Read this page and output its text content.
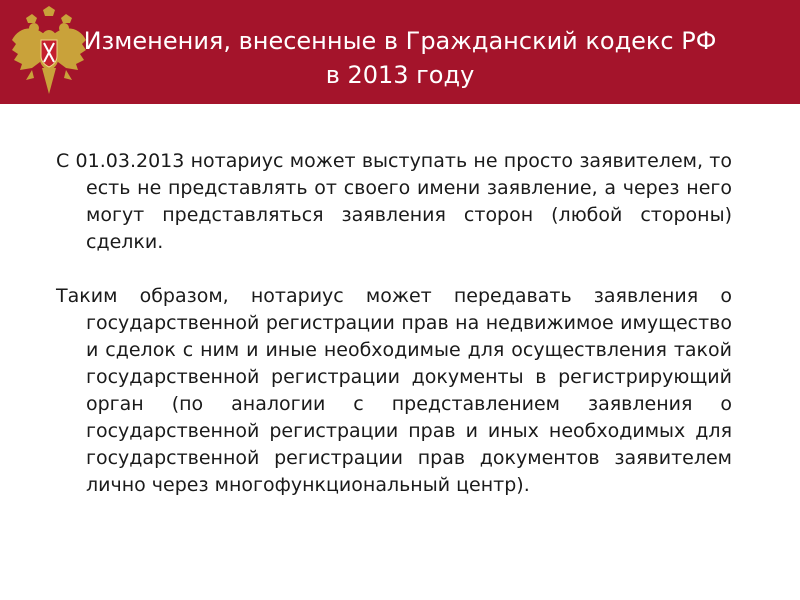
Изменения, внесенные в Гражданский кодекс РФ
в 2013 году

С 01.03.2013 нотариус может выступать не просто заявителем, то есть не представлять от своего имени заявление, а через него могут представляться заявления сторон (любой стороны) сделки.

Таким образом, нотариус может передавать заявления о государственной регистрации прав на недвижимое имущество и сделок с ним и иные необходимые для осуществления такой государственной регистрации документы в регистрирующий орган (по аналогии с представлением заявления о государственной регистрации прав и иных необходимых для государственной регистрации прав документов заявителем лично через многофункциональный центр).
